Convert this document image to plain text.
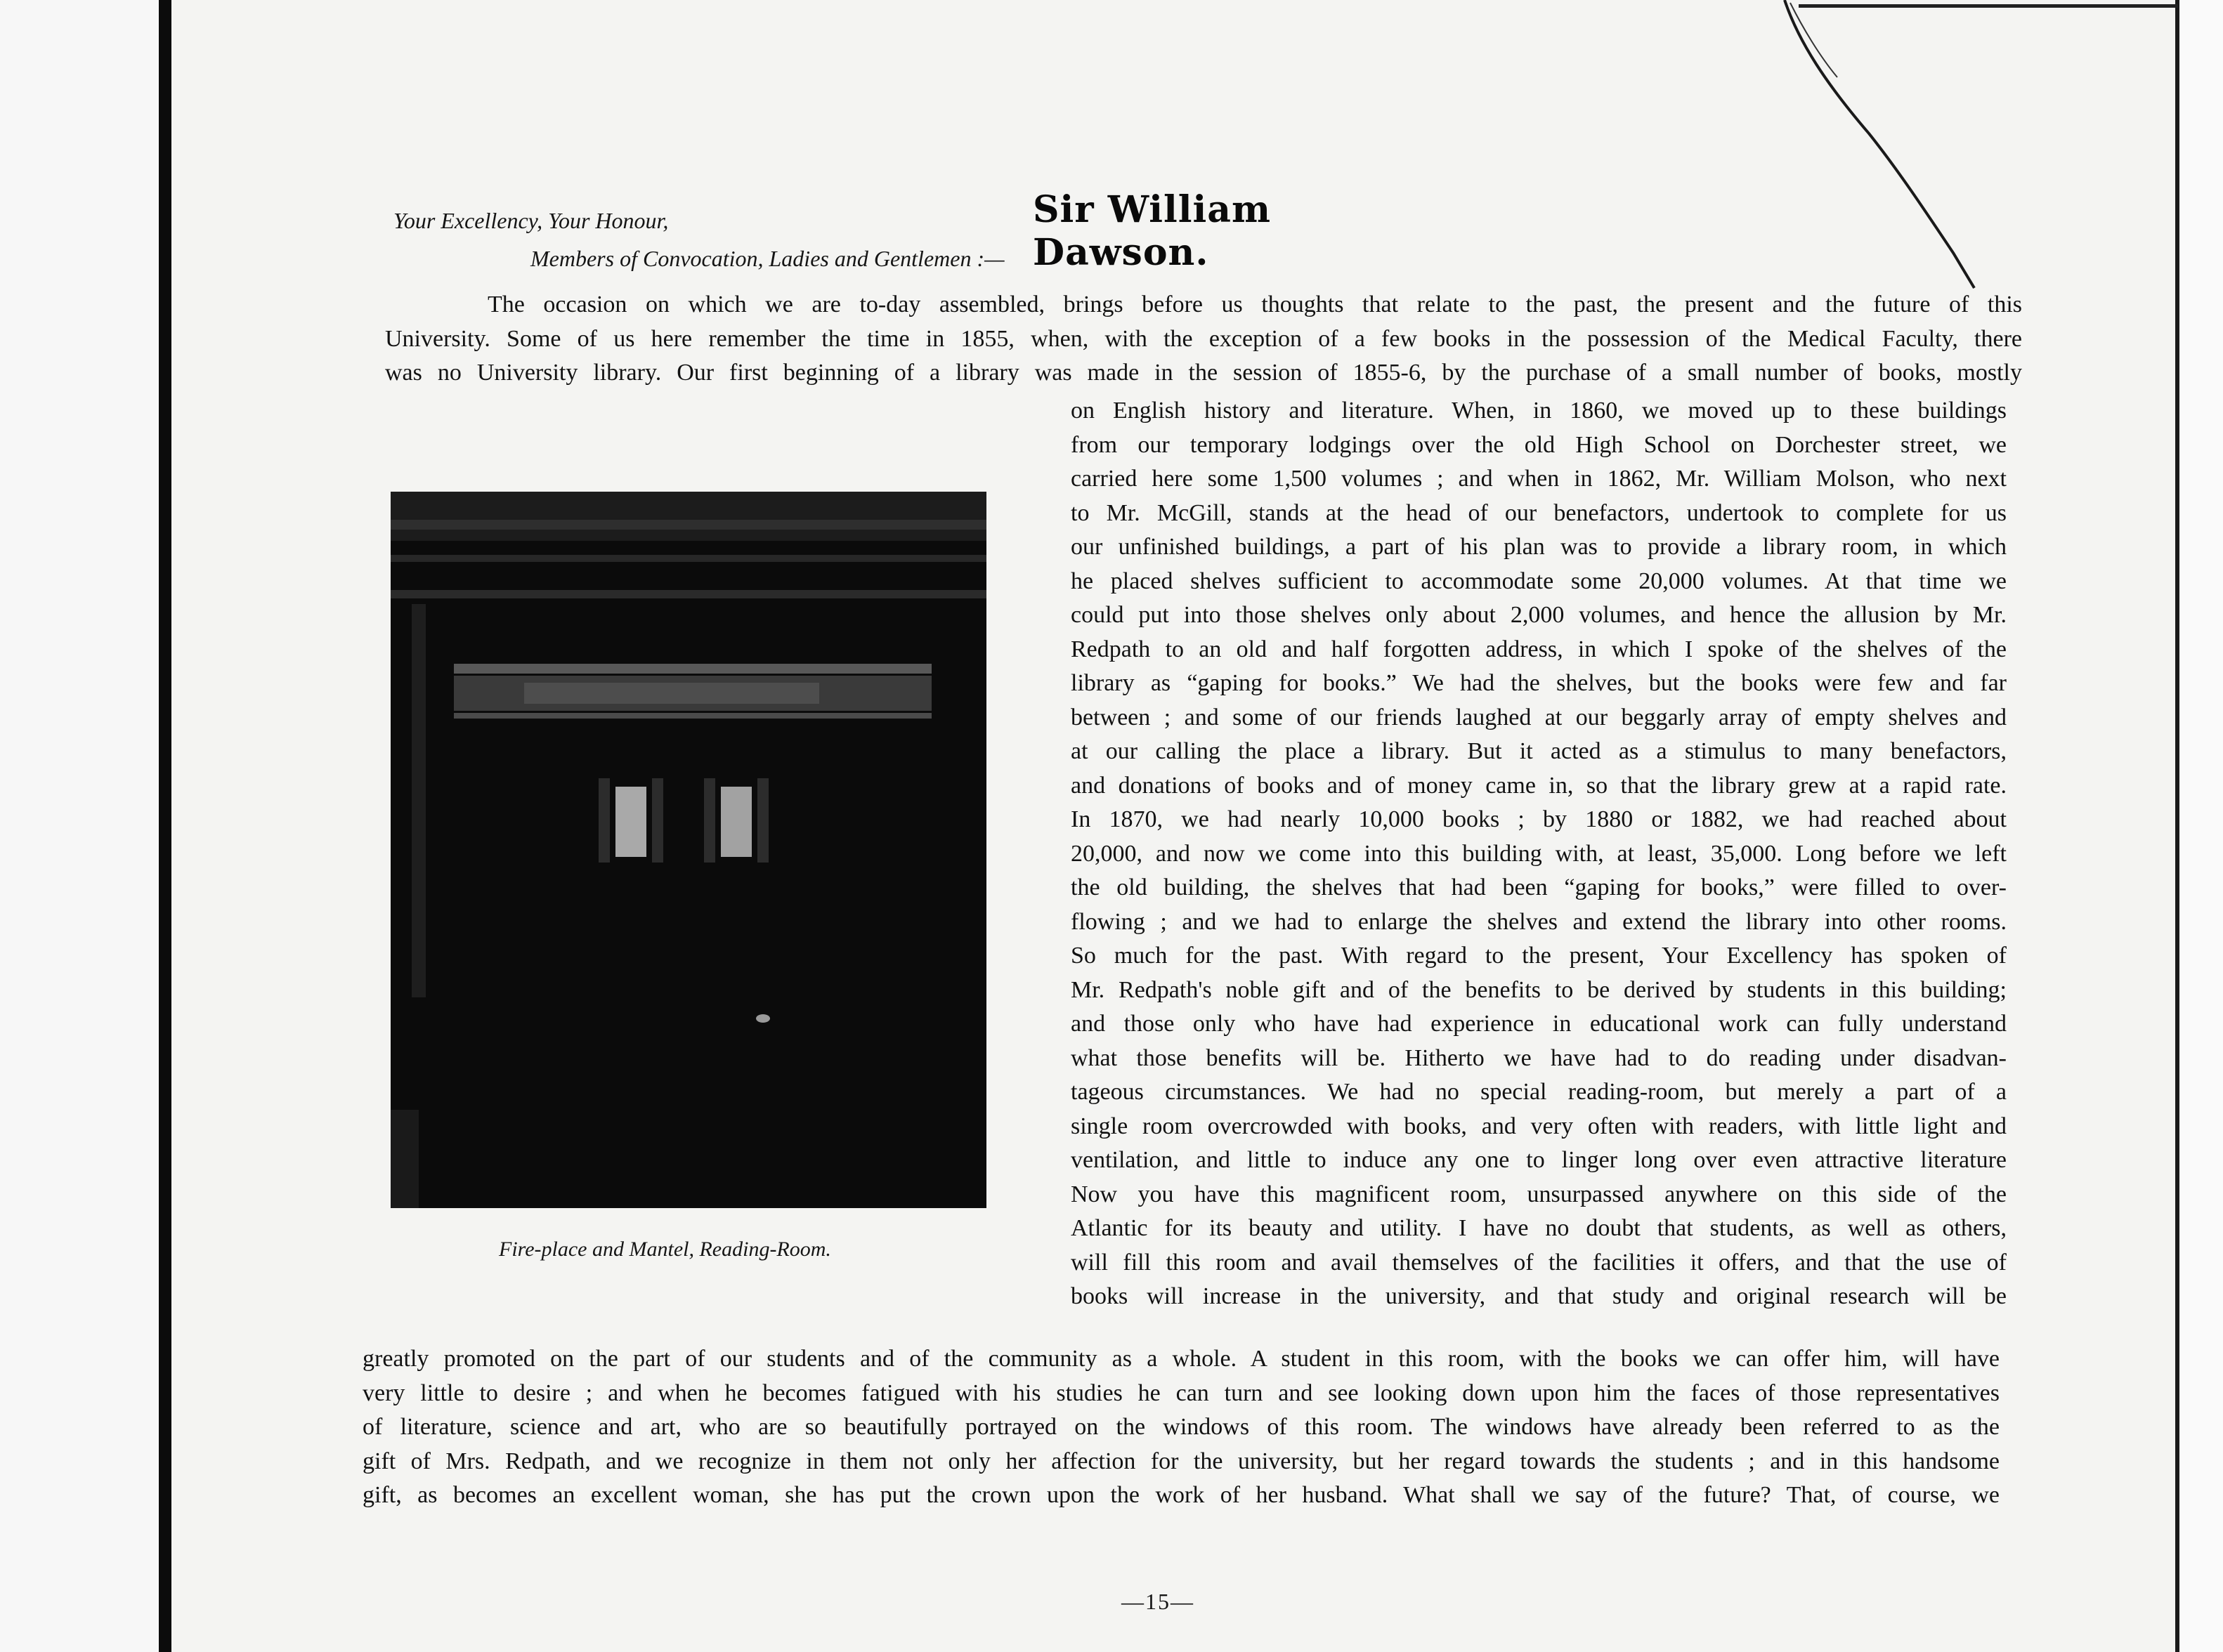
Sir William Dawson.
Your Excellency, Your Honour,
Members of Convocation, Ladies and Gentlemen :—

The occasion on which we are to-day assembled, brings before us thoughts that relate to the past, the present and the future of this

University. Some of us here remember the time in 1855, when, with the exception of a few books in the possession of the Medical Faculty, there

was no University library. Our first beginning of a library was made in the session of 1855-6, by the purchase of a small number of books, mostly

Fire-place and Mantel, Reading-Room.

on English history and literature. When, in 1860, we moved up to these buildings

from our temporary lodgings over the old High School on Dorchester street, we

carried here some 1,500 volumes ; and when in 1862, Mr. William Molson, who next

to Mr. McGill, stands at the head of our benefactors, undertook to complete for us

our unfinished buildings, a part of his plan was to provide a library room, in which

he placed shelves sufficient to accommodate some 20,000 volumes. At that time we

could put into those shelves only about 2,000 volumes, and hence the allusion by Mr.

Redpath to an old and half forgotten address, in which I spoke of the shelves of the

library as “gaping for books.” We had the shelves, but the books were few and far

between ; and some of our friends laughed at our beggarly array of empty shelves and

at our calling the place a library. But it acted as a stimulus to many benefactors,

and donations of books and of money came in, so that the library grew at a rapid rate.

In 1870, we had nearly 10,000 books ; by 1880 or 1882, we had reached about

20,000, and now we come into this building with, at least, 35,000. Long before we left

the old building, the shelves that had been “gaping for books,” were filled to over-

flowing ; and we had to enlarge the shelves and extend the library into other rooms.

So much for the past. With regard to the present, Your Excellency has spoken of

Mr. Redpath's noble gift and of the benefits to be derived by students in this building;

and those only who have had experience in educational work can fully understand

what those benefits will be. Hitherto we have had to do reading under disadvan-

tageous circumstances. We had no special reading-room, but merely a part of a

single room overcrowded with books, and very often with readers, with little light and

ventilation, and little to induce any one to linger long over even attractive literature

Now you have this magnificent room, unsurpassed anywhere on this side of the

Atlantic for its beauty and utility. I have no doubt that students, as well as others,

will fill this room and avail themselves of the facilities it offers, and that the use of

books will increase in the university, and that study and original research will be

greatly promoted on the part of our students and of the community as a whole. A student in this room, with the books we can offer him, will have

very little to desire ; and when he becomes fatigued with his studies he can turn and see looking down upon him the faces of those representatives

of literature, science and art, who are so beautifully portrayed on the windows of this room. The windows have already been referred to as the

gift of Mrs. Redpath, and we recognize in them not only her affection for the university, but her regard towards the students ; and in this handsome

gift, as becomes an excellent woman, she has put the crown upon the work of her husband. What shall we say of the future? That, of course, we

—15—
